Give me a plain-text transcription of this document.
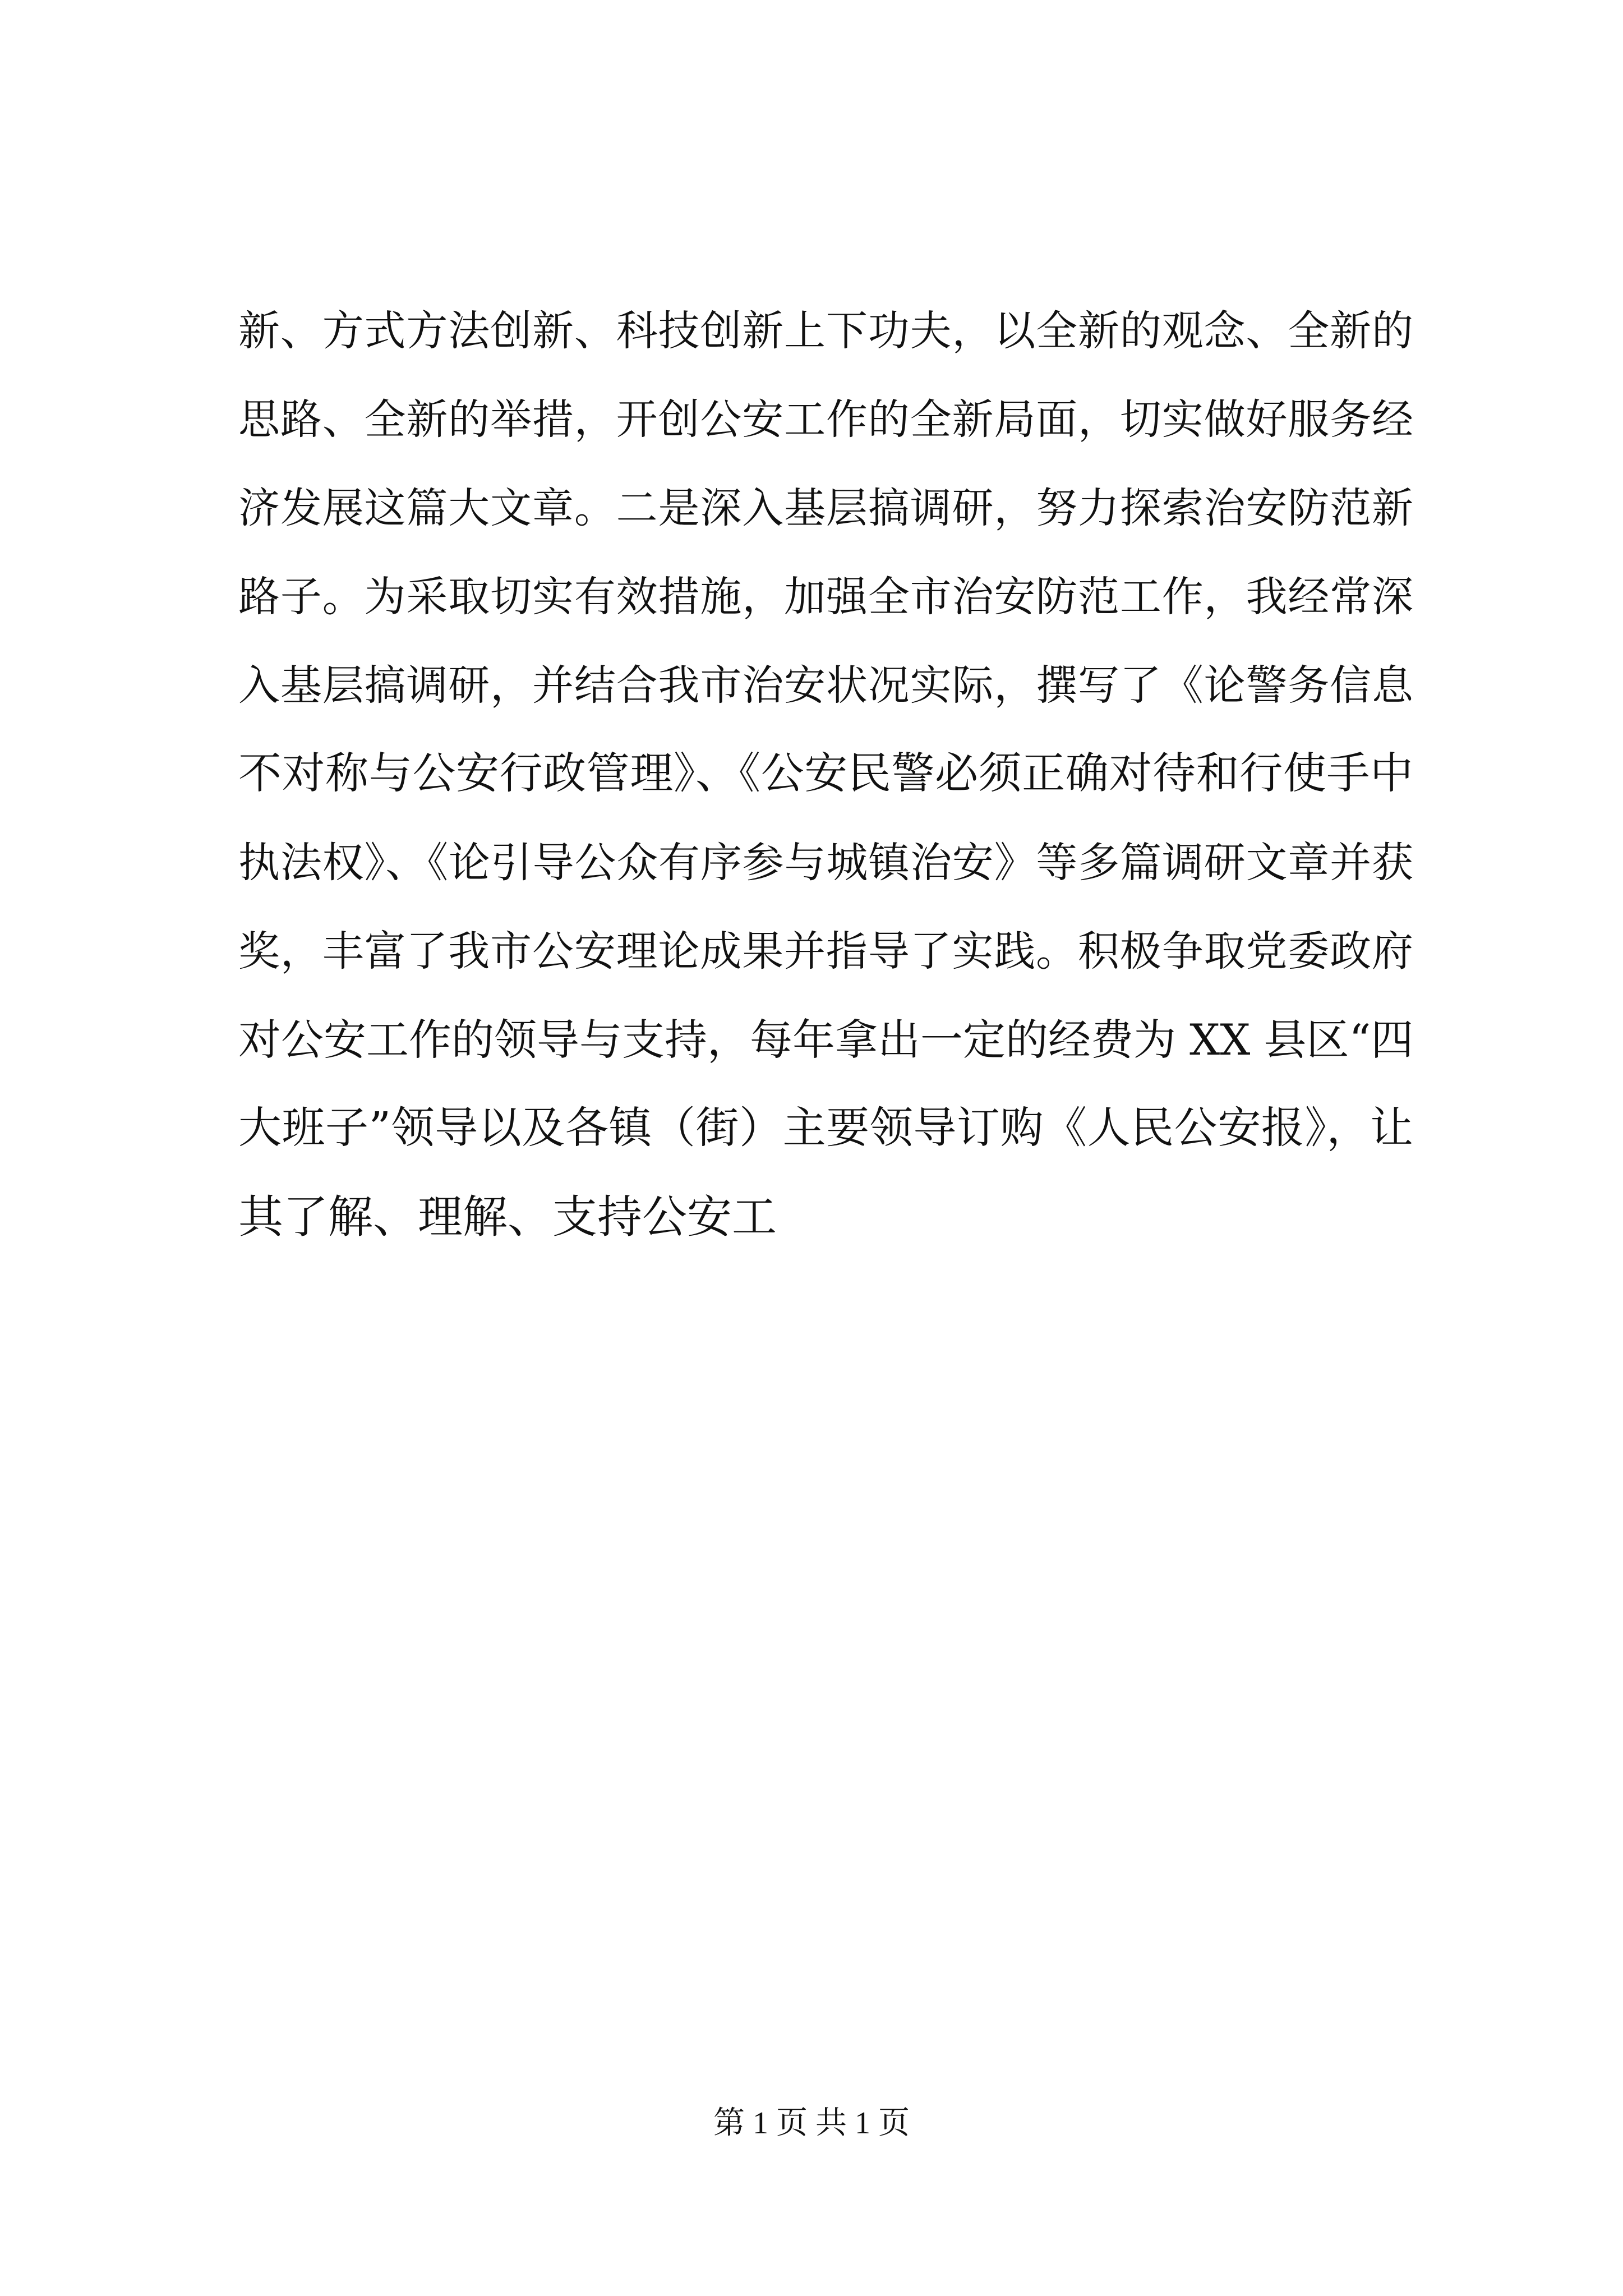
新、方式方法创新、科技创新上下功夫，以全新的观念、全新的
思路、全新的举措，开创公安工作的全新局面，切实做好服务经
济发展这篇大文章。二是深入基层搞调研，努力探索治安防范新
路子。为采取切实有效措施，加强全市治安防范工作，我经常深
入基层搞调研，并结合我市治安状况实际，撰写了《论警务信息
不对称与公安行政管理》、《公安民警必须正确对待和行使手中
执法权》、《论引导公众有序参与城镇治安》等多篇调研文章并获
奖，丰富了我市公安理论成果并指导了实践。积极争取党委政府
对公安工作的领导与支持，每年拿出一定的经费为 XX 县区“四
大班子”领导以及各镇（街）主要领导订购《人民公安报》，让
其了解、理解、支持公安工
第 1 页 共 1 页
